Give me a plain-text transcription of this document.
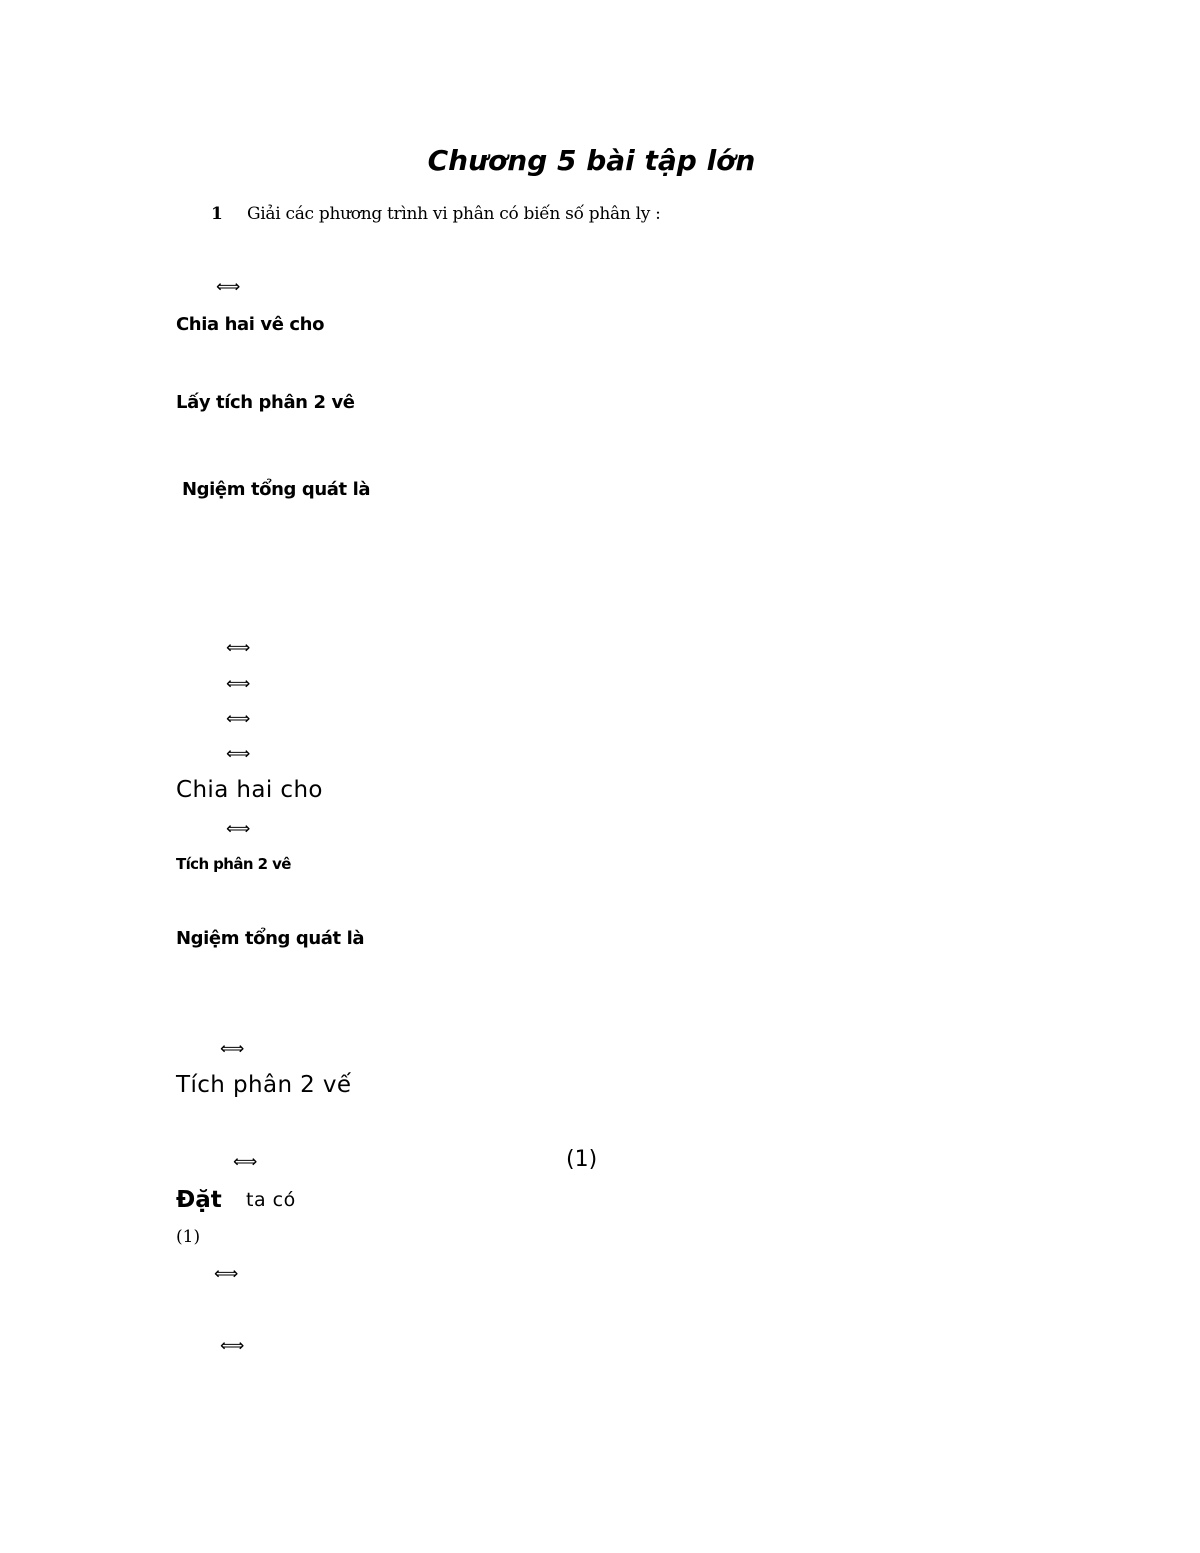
Chương 5 bài tập lớn
1 Giải các phương trình vi phân có biến số phân ly :
⟺
Chia hai vê cho
Lấy tích phân 2 vê
Ngiệm tổng quát là
⟺
⟺
⟺
⟺
Chia hai cho
⟺
Tích phân 2 vê
Ngiệm tổng quát là
⟺
Tích phân 2 vế
⟺	(1)
Đặt ta có
(1)
⟺
⟺
